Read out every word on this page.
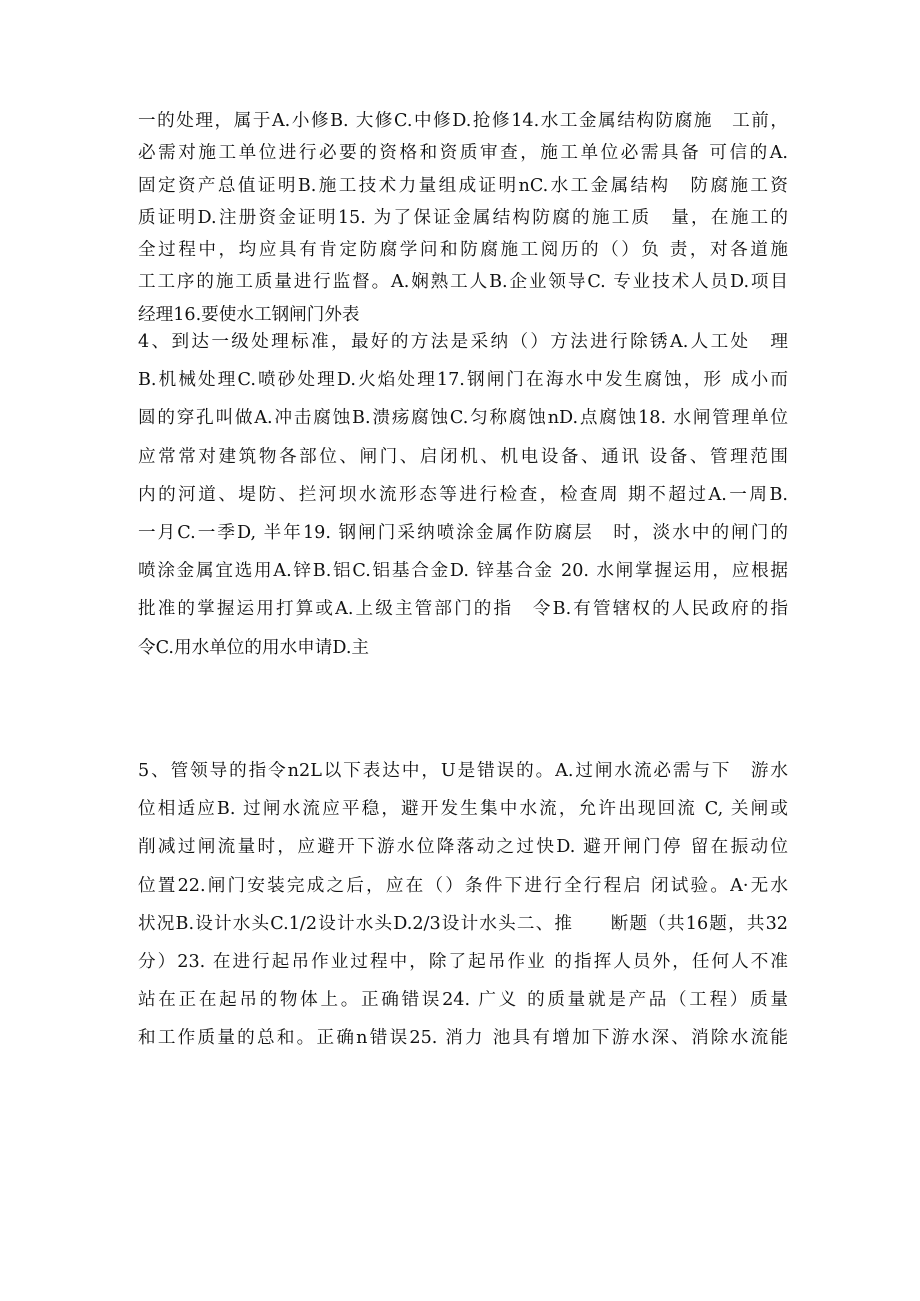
一的处理，属于A.小修B. 大修C.中修D.抢修14.水工金属结构防腐施　工前，
必需对施工单位进行必要的资格和资质审查，施工单位必需具备 可信的A.
固定资产总值证明B.施工技术力量组成证明nC.水工金属结构　防腐施工资
质证明D.注册资金证明15. 为了保证金属结构防腐的施工质　量，在施工的
全过程中，均应具有肯定防腐学问和防腐施工阅历的（）负 责，对各道施
工工序的施工质量进行监督。A.娴熟工人B.企业领导C. 专业技术人员D.项目
经理16.要使水工钢闸门外表

4、到达一级处理标准，最好的方法是采纳（）方法进行除锈A.人工处　理
B.机械处理C.喷砂处理D.火焰处理17.钢闸门在海水中发生腐蚀，形 成小而
圆的穿孔叫做A.冲击腐蚀B.溃疡腐蚀C.匀称腐蚀nD.点腐蚀18. 水闸管理单位
应常常对建筑物各部位、闸门、启闭机、机电设备、通讯 设备、管理范围
内的河道、堤防、拦河坝水流形态等进行检查，检查周 期不超过A.一周B.
一月C.一季D, 半年19. 钢闸门采纳喷涂金属作防腐层　时，淡水中的闸门的
喷涂金属宜选用A.锌B.铝C.铝基合金D. 锌基合金 20. 水闸掌握运用，应根据
批准的掌握运用打算或A.上级主管部门的指　令B.有管辖权的人民政府的指
令C.用水单位的用水申请D.主

5、管领导的指令n2L以下表达中，U是错误的。A.过闸水流必需与下　游水
位相适应B. 过闸水流应平稳，避开发生集中水流，允许出现回流 C, 关闸或
削减过闸流量时，应避开下游水位降落动之过快D. 避开闸门停 留在振动位
位置22.闸门安装完成之后，应在（）条件下进行全行程启 闭试验。A·无水
状况B.设计水头C.1/2设计水头D.2/3设计水头二、推　　断题（共16题，共32
分）23. 在进行起吊作业过程中，除了起吊作业 的指挥人员外，任何人不准
站在正在起吊的物体上。正确错误24. 广义 的质量就是产品（工程）质量
和工作质量的总和。正确n错误25. 消力 池具有增加下游水深、消除水流能
